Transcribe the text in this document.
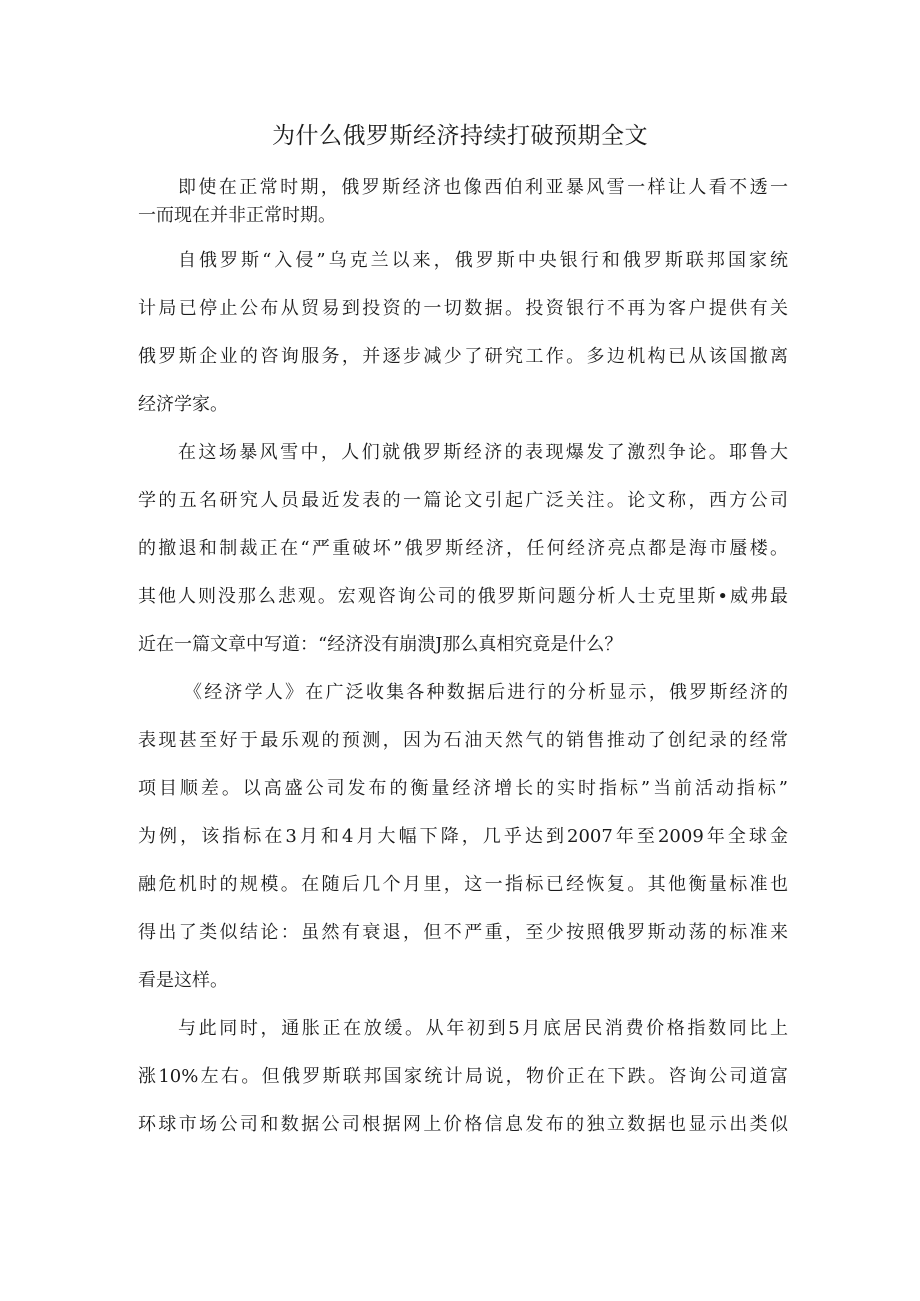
为什么俄罗斯经济持续打破预期全文
即使在正常时期，俄罗斯经济也像西伯利亚暴风雪一样让人看不透一
一而现在并非正常时期。
自俄罗斯“入侵”乌克兰以来，俄罗斯中央银行和俄罗斯联邦国家统
计局已停止公布从贸易到投资的一切数据。投资银行不再为客户提供有关
俄罗斯企业的咨询服务，并逐步减少了研究工作。多边机构已从该国撤离
经济学家。
在这场暴风雪中，人们就俄罗斯经济的表现爆发了激烈争论。耶鲁大
学的五名研究人员最近发表的一篇论文引起广泛关注。论文称，西方公司
的撤退和制裁正在“严重破坏”俄罗斯经济，任何经济亮点都是海市蜃楼。
其他人则没那么悲观。宏观咨询公司的俄罗斯问题分析人士克里斯•威弗最
近在一篇文章中写道：“经济没有崩溃J那么真相究竟是什么？
《经济学人》在广泛收集各种数据后进行的分析显示，俄罗斯经济的
表现甚至好于最乐观的预测，因为石油天然气的销售推动了创纪录的经常
项目顺差。以高盛公司发布的衡量经济增长的实时指标”当前活动指标”
为例，该指标在3月和4月大幅下降，几乎达到2007年至2009年全球金
融危机时的规模。在随后几个月里，这一指标已经恢复。其他衡量标准也
得出了类似结论：虽然有衰退，但不严重，至少按照俄罗斯动荡的标准来
看是这样。
与此同时，通胀正在放缓。从年初到5月底居民消费价格指数同比上
涨10%左右。但俄罗斯联邦国家统计局说，物价正在下跌。咨询公司道富
环球市场公司和数据公司根据网上价格信息发布的独立数据也显示出类似
